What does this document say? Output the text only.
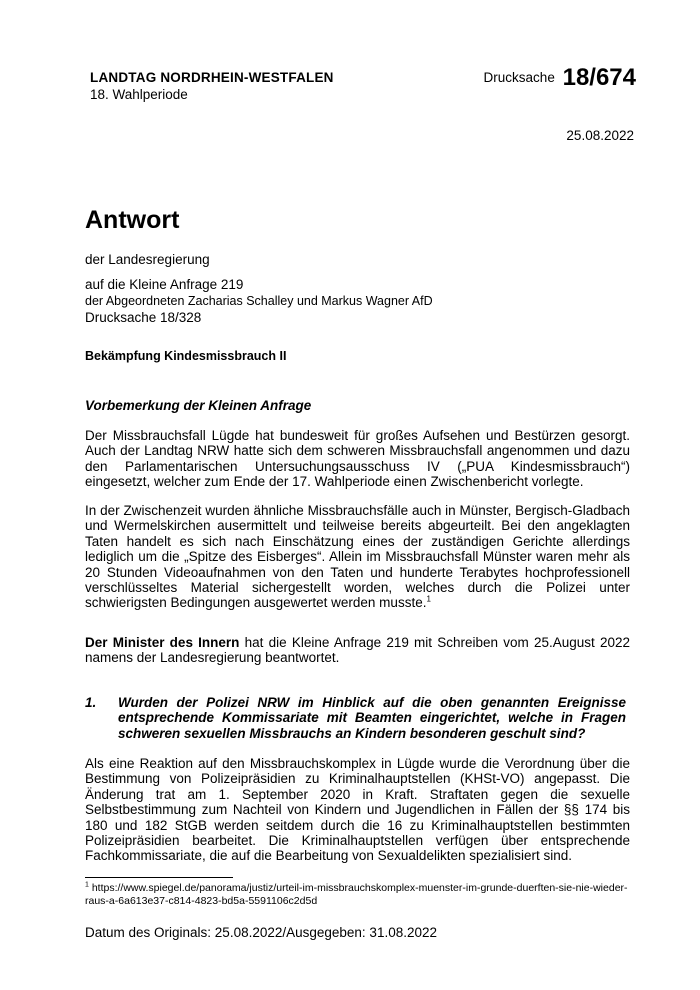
LANDTAG NORDRHEIN-WESTFALEN
18. Wahlperiode
Drucksache 18/674
25.08.2022
Antwort
der Landesregierung
auf die Kleine Anfrage 219
der Abgeordneten Zacharias Schalley und Markus Wagner AfD
Drucksache 18/328
Bekämpfung Kindesmissbrauch II
Vorbemerkung der Kleinen Anfrage
Der Missbrauchsfall Lügde hat bundesweit für großes Aufsehen und Bestürzen gesorgt. Auch der Landtag NRW hatte sich dem schweren Missbrauchsfall angenommen und dazu den Parlamentarischen Untersuchungsausschuss IV („PUA Kindesmissbrauch“) eingesetzt, welcher zum Ende der 17. Wahlperiode einen Zwischenbericht vorlegte.
In der Zwischenzeit wurden ähnliche Missbrauchsfälle auch in Münster, Bergisch-Gladbach und Wermelskirchen ausermittelt und teilweise bereits abgeurteilt. Bei den angeklagten Taten handelt es sich nach Einschätzung eines der zuständigen Gerichte allerdings lediglich um die „Spitze des Eisberges“. Allein im Missbrauchsfall Münster waren mehr als 20 Stunden Videoaufnahmen von den Taten und hunderte Terabytes hochprofessionell verschlüsseltes Material sichergestellt worden, welches durch die Polizei unter schwierigsten Bedingungen ausgewertet werden musste.$^1$
Der Minister des Innern hat die Kleine Anfrage 219 mit Schreiben vom 25.August 2022 namens der Landesregierung beantwortet.
1. Wurden der Polizei NRW im Hinblick auf die oben genannten Ereignisse entsprechende Kommissariate mit Beamten eingerichtet, welche in Fragen schweren sexuellen Missbrauchs an Kindern besonderen geschult sind?
Als eine Reaktion auf den Missbrauchskomplex in Lügde wurde die Verordnung über die Bestimmung von Polizeipräsidien zu Kriminalhauptstellen (KHSt-VO) angepasst. Die Änderung trat am 1. September 2020 in Kraft. Straftaten gegen die sexuelle Selbstbestimmung zum Nachteil von Kindern und Jugendlichen in Fällen der §§ 174 bis 180 und 182 StGB werden seitdem durch die 16 zu Kriminalhauptstellen bestimmten Polizeipräsidien bearbeitet. Die Kriminalhauptstellen verfügen über entsprechende Fachkommissariate, die auf die Bearbeitung von Sexualdelikten spezialisiert sind.
$^1$ https://www.spiegel.de/panorama/justiz/urteil-im-missbrauchskomplex-muenster-im-grunde-duerften-sie-nie-wieder-raus-a-6a613e37-c814-4823-bd5a-5591106c2d5d
Datum des Originals: 25.08.2022/Ausgegeben: 31.08.2022
